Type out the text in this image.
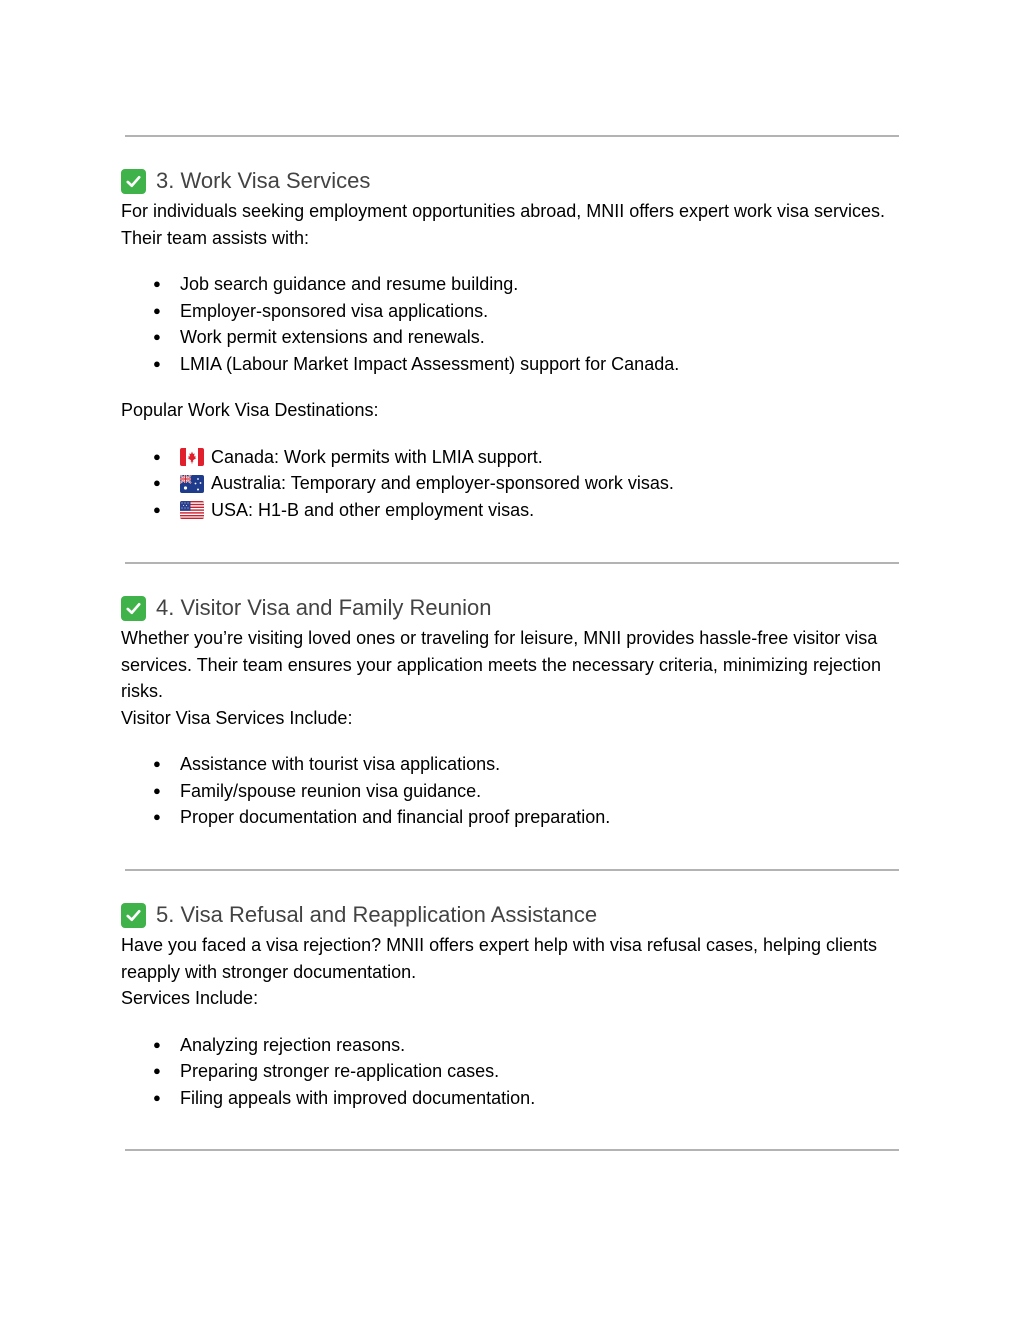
3. Work Visa Services

For individuals seeking employment opportunities abroad, MNII offers expert work visa services. Their team assists with:

● Job search guidance and resume building.
● Employer-sponsored visa applications.
● Work permit extensions and renewals.
● LMIA (Labour Market Impact Assessment) support for Canada.

Popular Work Visa Destinations:

●	Canada: Work permits with LMIA support.
●	Australia: Temporary and employer-sponsored work visas.
●	USA: H1-B and other employment visas.
4. Visitor Visa and Family Reunion

Whether you’re visiting loved ones or traveling for leisure, MNII provides hassle-free visitor visa services. Their team ensures your application meets the necessary criteria, minimizing rejection risks.

Visitor Visa Services Include:

● Assistance with tourist visa applications.
● Family/spouse reunion visa guidance.
● Proper documentation and financial proof preparation.
5. Visa Refusal and Reapplication Assistance

Have you faced a visa rejection? MNII offers expert help with visa refusal cases, helping clients reapply with stronger documentation.

Services Include:

● Analyzing rejection reasons.
● Preparing stronger re-application cases.
● Filing appeals with improved documentation.
